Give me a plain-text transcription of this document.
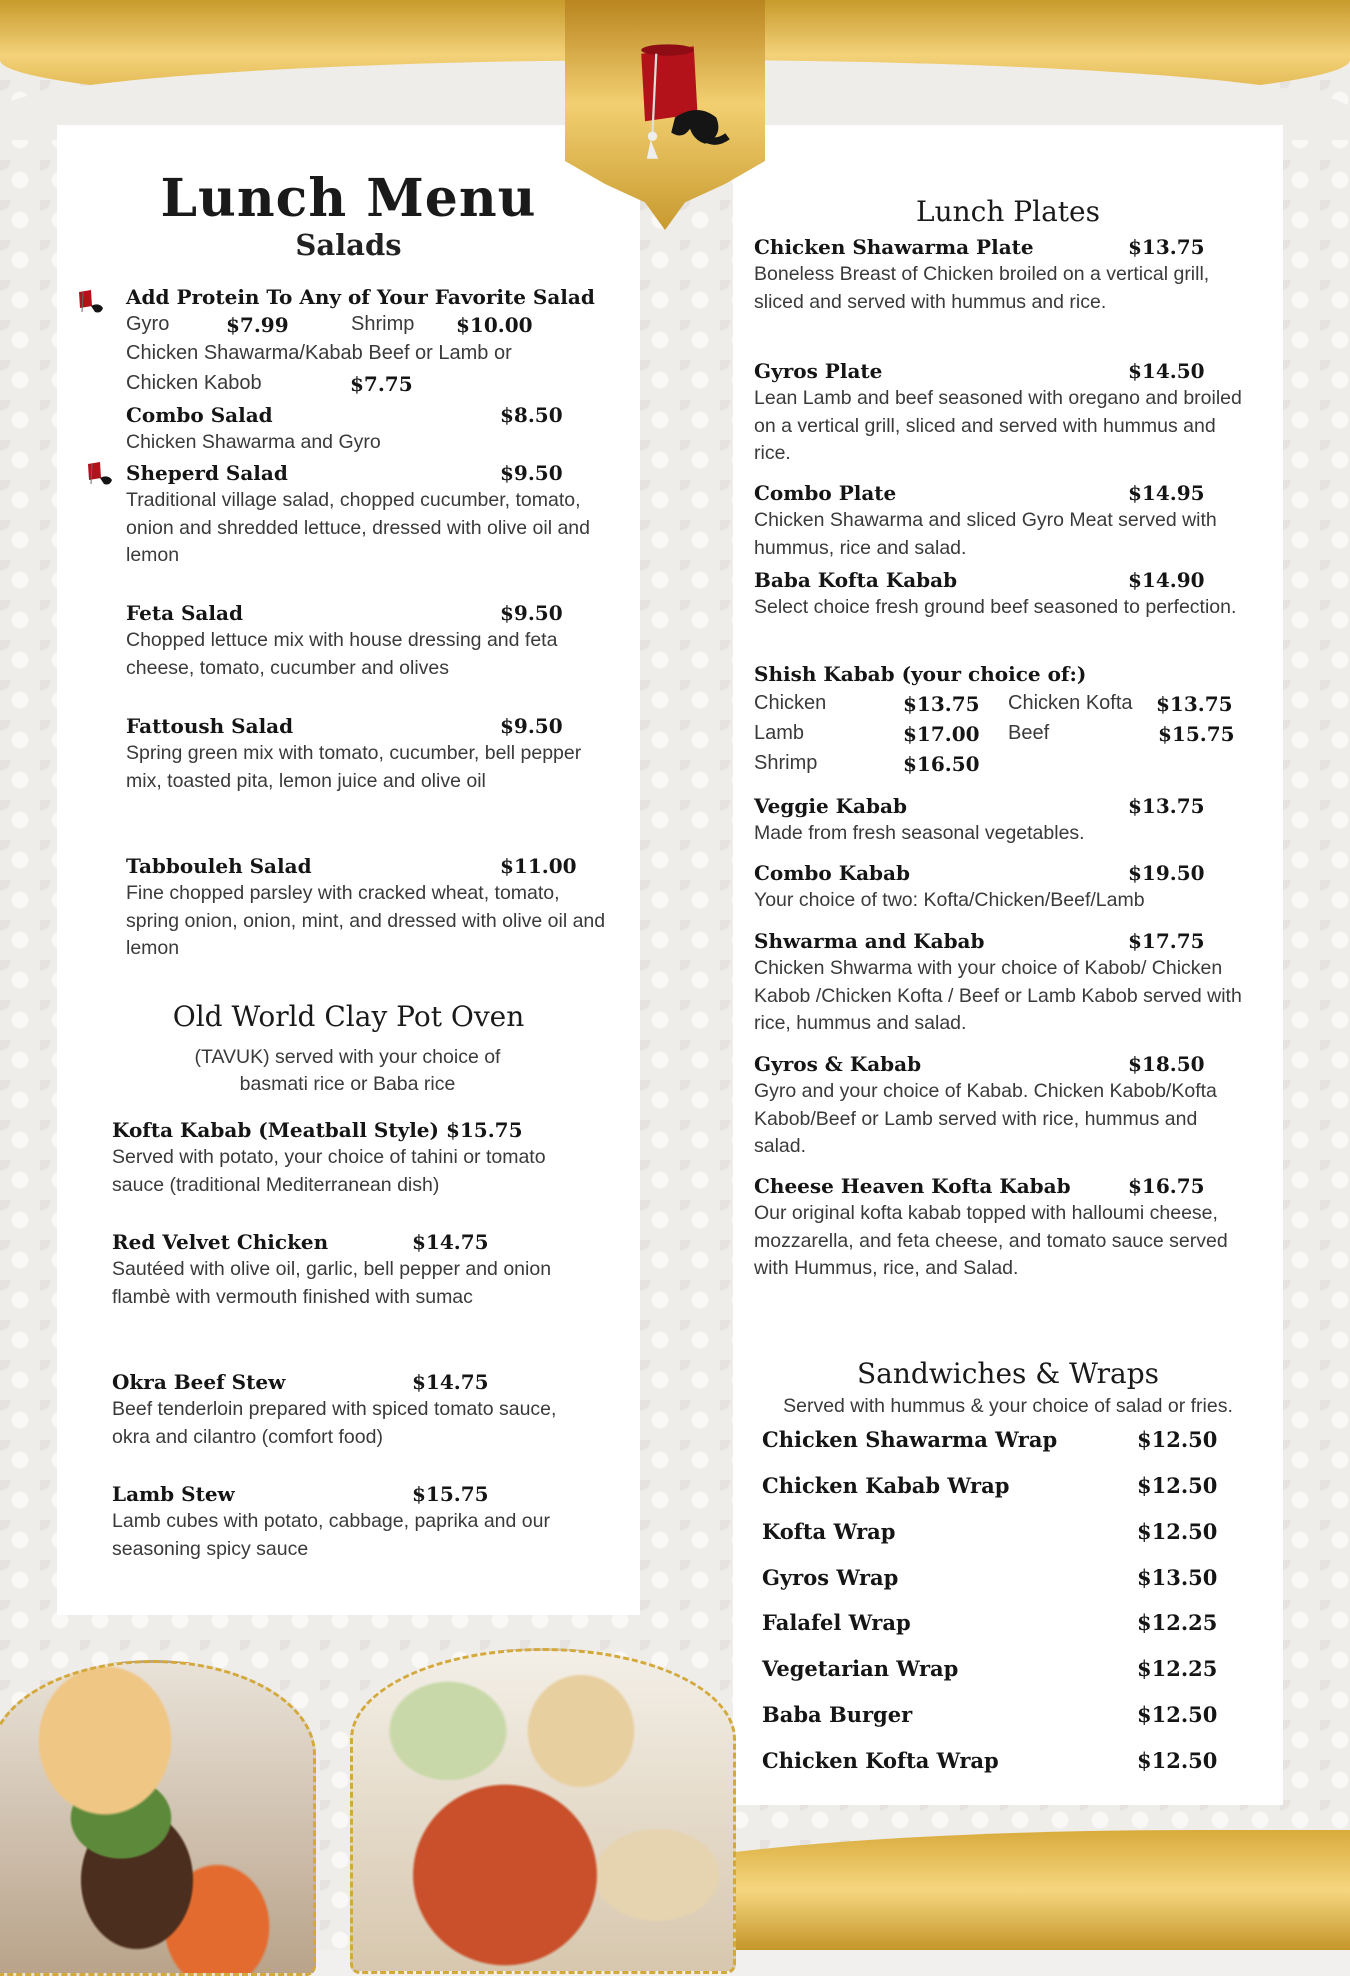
Lunch Menu
Salads
Add Protein To Any of Your Favorite Salad
Gyro	$7.99	Shrimp $10.00
Chicken Shawarma/Kabab Beef or Lamb or
Chicken Kabob	$7.75
Combo Salad	$8.50
Chicken Shawarma and Gyro
Sheperd Salad	$9.50
Traditional village salad, chopped cucumber, tomato, onion and shredded lettuce, dressed with olive oil and lemon
Feta Salad	$9.50
Chopped lettuce mix with house dressing and feta cheese, tomato, cucumber and olives
Fattoush Salad	$9.50
Spring green mix with tomato, cucumber, bell pepper mix, toasted pita, lemon juice and olive oil
Tabbouleh Salad	$11.00
Fine chopped parsley with cracked wheat, tomato, spring onion, onion, mint, and dressed with olive oil and lemon
Old World Clay Pot Oven
(TAVUK) served with your choice of basmati rice or Baba rice
Kofta Kabab (Meatball Style) $15.75
Served with potato, your choice of tahini or tomato sauce (traditional Mediterranean dish)
Red Velvet Chicken	$14.75
Sautéed with olive oil, garlic, bell pepper and onion flambè with vermouth finished with sumac
Okra Beef Stew	$14.75
Beef tenderloin prepared with spiced tomato sauce, okra and cilantro (comfort food)
Lamb Stew	$15.75
Lamb cubes with potato, cabbage, paprika and our seasoning spicy sauce
Lunch Plates
Chicken Shawarma Plate	$13.75
Boneless Breast of Chicken broiled on a vertical grill, sliced and served with hummus and rice.
Gyros Plate	$14.50
Lean Lamb and beef seasoned with oregano and broiled on a vertical grill, sliced and served with hummus and rice.
Combo Plate	$14.95
Chicken Shawarma and sliced Gyro Meat served with hummus, rice and salad.
Baba Kofta Kabab	$14.90
Select choice fresh ground beef seasoned to perfection.
Shish Kabab (your choice of:)
Chicken	$13.75 Chicken Kofta $13.75
Lamb	$17.00 Beef	$15.75
Shrimp	$16.50
Veggie Kabab	$13.75
Made from fresh seasonal vegetables.
Combo Kabab	$19.50
Your choice of two: Kofta/Chicken/Beef/Lamb
Shwarma and Kabab	$17.75
Chicken Shwarma with your choice of Kabob/ Chicken Kabob /Chicken Kofta / Beef or Lamb Kabob served with rice, hummus and salad.
Gyros & Kabab	$18.50
Gyro and your choice of Kabab. Chicken Kabob/Kofta Kabob/Beef or Lamb served with rice, hummus and salad.
Cheese Heaven Kofta Kabab	$16.75
Our original kofta kabab topped with halloumi cheese, mozzarella, and feta cheese, and tomato sauce served with Hummus, rice, and Salad.
Sandwiches & Wraps
Served with hummus & your choice of salad or fries.
Chicken Shawarma Wrap	$12.50
Chicken Kabab Wrap	$12.50
Kofta Wrap	$12.50
Gyros Wrap	$13.50
Falafel Wrap	$12.25
Vegetarian Wrap	$12.25
Baba Burger	$12.50
Chicken Kofta Wrap	$12.50
